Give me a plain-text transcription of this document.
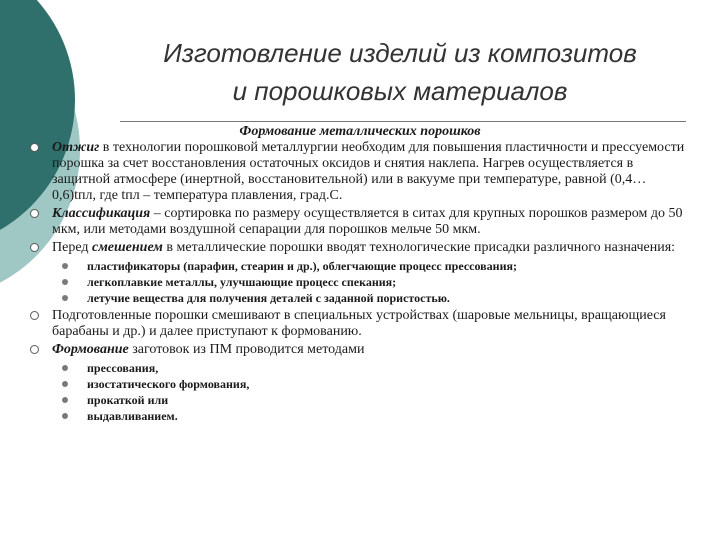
Изготовление изделий из композитов
и порошковых материалов
Формование металлических порошков
Отжиг в технологии порошковой металлургии необходим для повышения пластичности и прессуемости порошка за счет восстановления остаточных оксидов и снятия наклепа. Нагрев осуществляется в защитной атмосфере (инертной, восстановительной) или в вакууме при температуре, равной (0,4…0,6)tпл, где tпл – температура плавления, град.С.
Классификация – сортировка по размеру осуществляется в ситах для крупных порошков размером до 50 мкм, или методами воздушной сепарации для порошков мельче 50 мкм.
Перед смешением в металлические порошки вводят технологические присадки различного назначения:
пластификаторы (парафин, стеарин и др.), облегчающие процесс прессования;
легкоплавкие металлы, улучшающие процесс спекания;
летучие вещества для получения деталей с заданной пористостью.
Подготовленные порошки смешивают в специальных устройствах (шаровые мельницы, вращающиеся барабаны и др.) и далее приступают к формованию.
Формование заготовок из ПМ проводится методами
прессования,
изостатического формования,
прокаткой или
выдавливанием.
